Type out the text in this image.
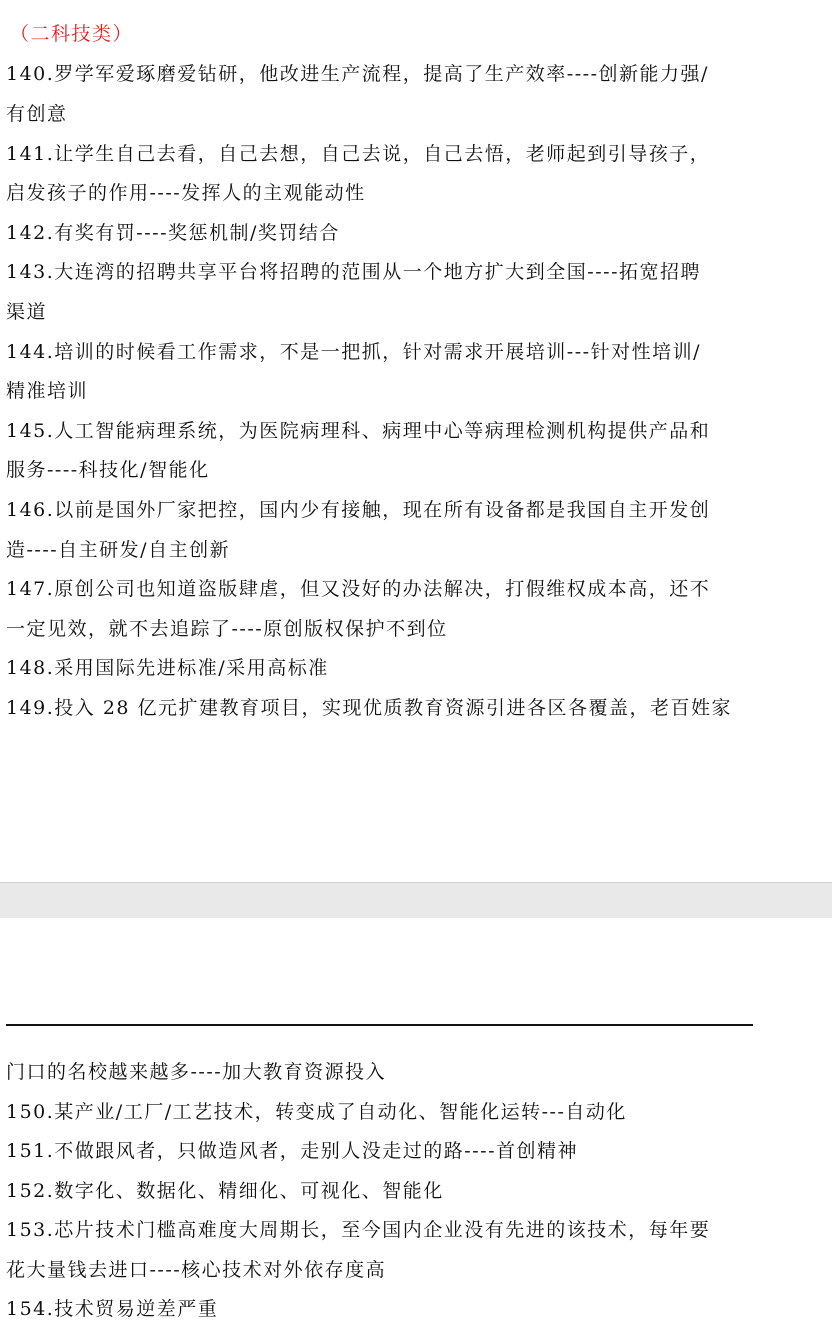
（二科技类）
140.罗学军爱琢磨爱钻研，他改进生产流程，提高了生产效率----创新能力强/
有创意
141.让学生自己去看，自己去想，自己去说，自己去悟，老师起到引导孩子，
启发孩子的作用----发挥人的主观能动性
142.有奖有罚----奖惩机制/奖罚结合
143.大连湾的招聘共享平台将招聘的范围从一个地方扩大到全国----拓宽招聘
渠道
144.培训的时候看工作需求，不是一把抓，针对需求开展培训---针对性培训/
精准培训
145.人工智能病理系统，为医院病理科、病理中心等病理检测机构提供产品和
服务----科技化/智能化
146.以前是国外厂家把控，国内少有接触，现在所有设备都是我国自主开发创
造----自主研发/自主创新
147.原创公司也知道盗版肆虐，但又没好的办法解决，打假维权成本高，还不
一定见效，就不去追踪了----原创版权保护不到位
148.采用国际先进标准/采用高标准
149.投入 28 亿元扩建教育项目，实现优质教育资源引进各区各覆盖，老百姓家
门口的名校越来越多----加大教育资源投入
150.某产业/工厂/工艺技术，转变成了自动化、智能化运转---自动化
151.不做跟风者，只做造风者，走别人没走过的路----首创精神
152.数字化、数据化、精细化、可视化、智能化
153.芯片技术门槛高难度大周期长，至今国内企业没有先进的该技术，每年要
花大量钱去进口----核心技术对外依存度高
154.技术贸易逆差严重
